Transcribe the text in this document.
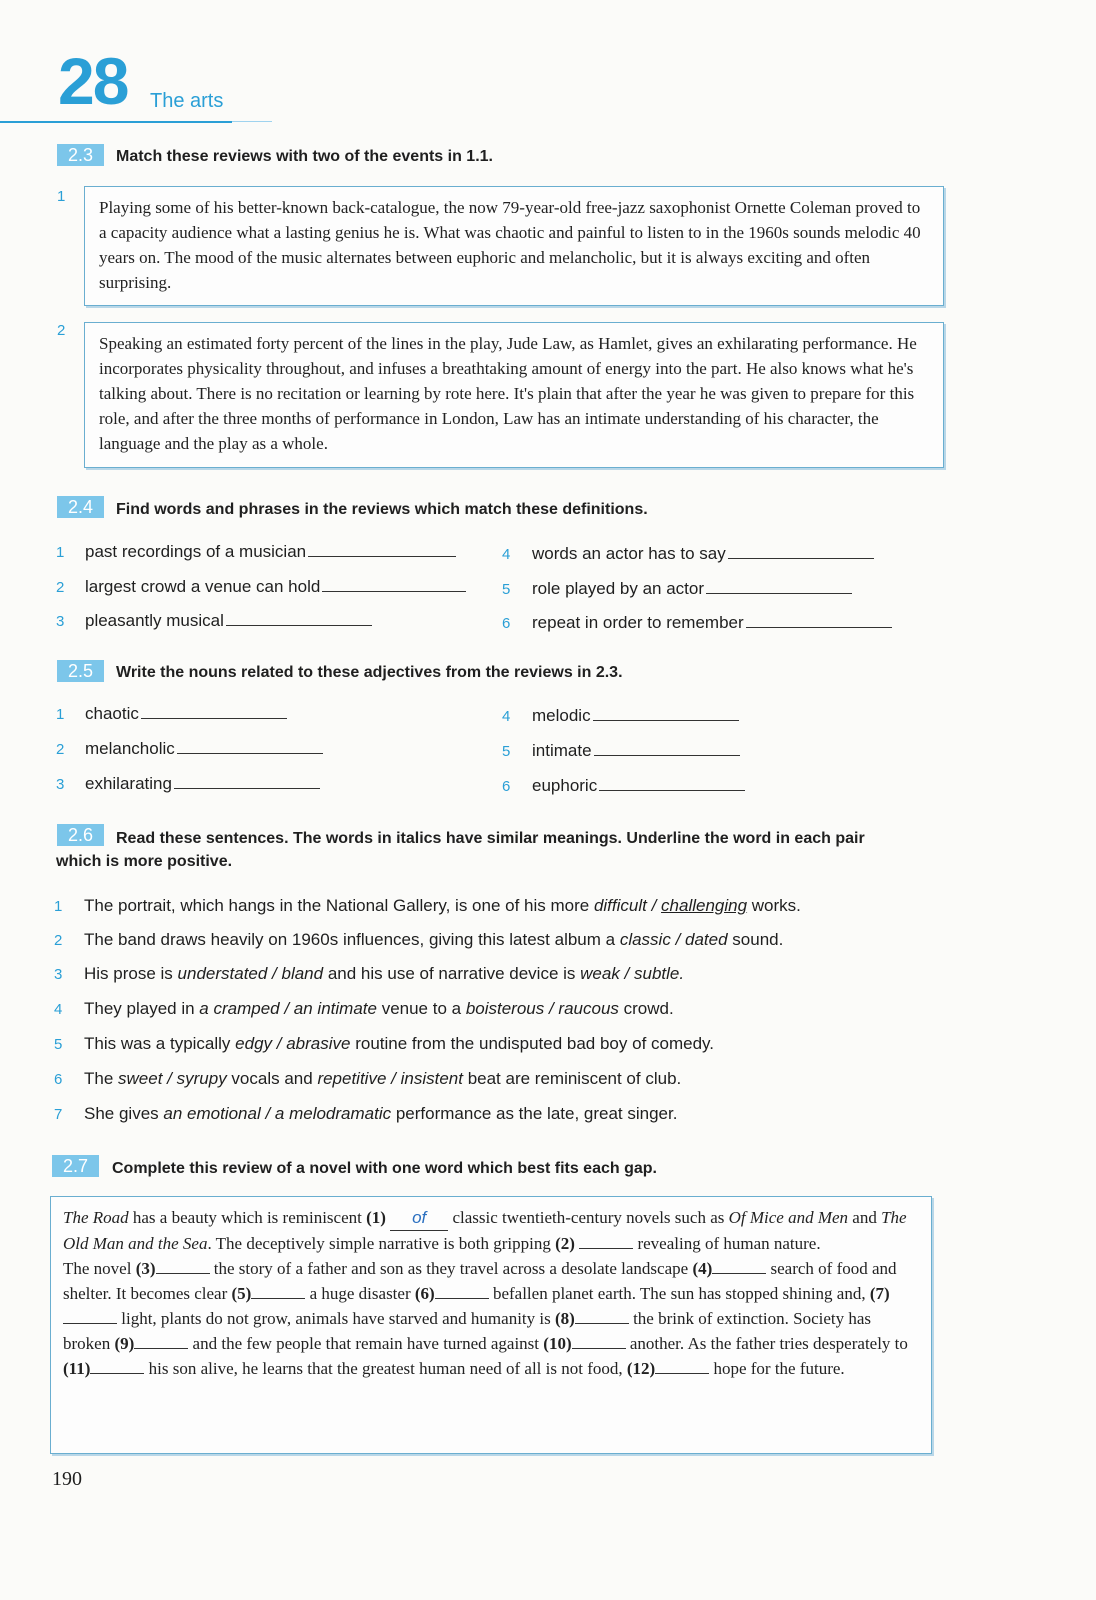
28 The arts
2.3	Match these reviews with two of the events in 1.1.
1
Playing some of his better-known back-catalogue, the now 79-year-old free-jazz saxophonist Ornette Coleman proved to a capacity audience what a lasting genius he is. What was chaotic and painful to listen to in the 1960s sounds melodic 40 years on. The mood of the music alternates between euphoric and melancholic, but it is always exciting and often surprising.
2
Speaking an estimated forty percent of the lines in the play, Jude Law, as Hamlet, gives an exhilarating performance. He incorporates physicality throughout, and infuses a breathtaking amount of energy into the part. He also knows what he's talking about. There is no recitation or learning by rote here. It's plain that after the year he was given to prepare for this role, and after the three months of performance in London, Law has an intimate understanding of his character, the language and the play as a whole.
2.4	Find words and phrases in the reviews which match these definitions.
1 past recordings of a musician
2 largest crowd a venue can hold
3 pleasantly musical
4 words an actor has to say
5 role played by an actor
6 repeat in order to remember
2.5	Write the nouns related to these adjectives from the reviews in 2.3.
1 chaotic
2 melancholic
3 exhilarating
4 melodic
5 intimate
6 euphoric
2.6	Read these sentences. The words in italics have similar meanings. Underline the word in each pair
which is more positive.
1 The portrait, which hangs in the National Gallery, is one of his more difficult / challenging works.
2 The band draws heavily on 1960s influences, giving this latest album a classic / dated sound.
3 His prose is understated / bland and his use of narrative device is weak / subtle.
4 They played in a cramped / an intimate venue to a boisterous / raucous crowd.
5 This was a typically edgy / abrasive routine from the undisputed bad boy of comedy.
6 The sweet / syrupy vocals and repetitive / insistent beat are reminiscent of club.
7 She gives an emotional / a melodramatic performance as the late, great singer.
2.7	Complete this review of a novel with one word which best fits each gap.
The Road has a beauty which is reminiscent (1) of classic twentieth-century novels such as Of Mice and Men and The Old Man and the Sea. The deceptively simple narrative is both gripping (2)	revealing of human nature.
The novel (3)	the story of a father and son as they travel across a desolate landscape (4)	search of food and shelter. It becomes clear (5)	a huge disaster (6)	befallen planet earth. The sun has stopped shining and, (7) light, plants do not grow, animals have starved and humanity is (8)	the brink of extinction. Society has broken (9)	and the few people that remain have turned against (10)	another. As the father tries desperately to (11)	his son alive, he learns that the greatest human need of all is not food, (12)	hope for the future.
190
